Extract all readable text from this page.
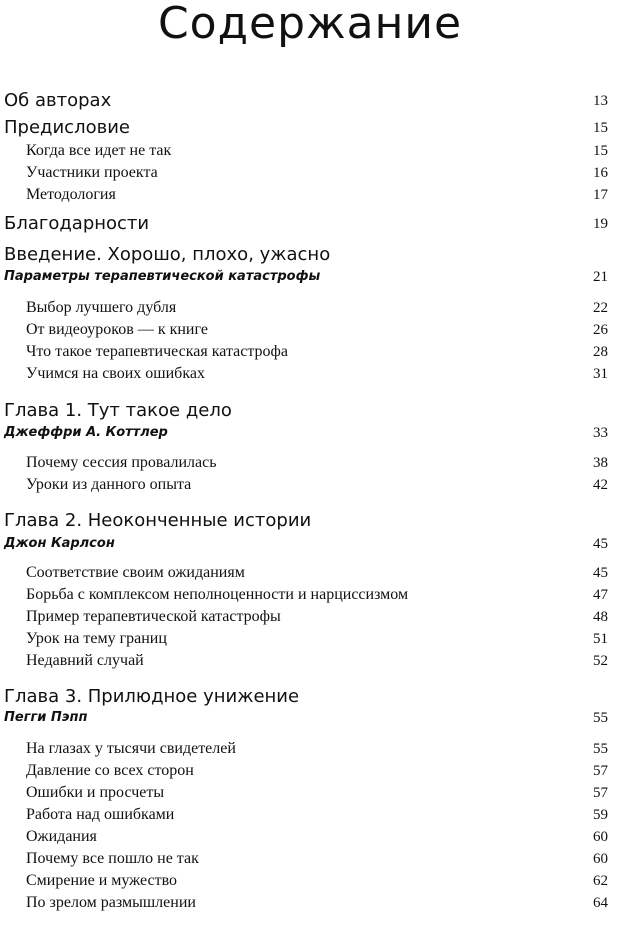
Содержание
Об авторах	13
Предисловие	15
Когда все идет не так	15
Участники проекта	16
Методология	17
Благодарности	19
Введение. Хорошо, плохо, ужасно
Параметры терапевтической катастрофы	21
Выбор лучшего дубля	22
От видеоуроков — к книге	26
Что такое терапевтическая катастрофа	28
Учимся на своих ошибках	31
Глава 1. Тут такое дело
Джеффри А. Коттлер	33
Почему сессия провалилась	38
Уроки из данного опыта	42
Глава 2. Неоконченные истории
Джон Карлсон	45
Соответствие своим ожиданиям	45
Борьба с комплексом неполноценности и нарциссизмом	47
Пример терапевтической катастрофы	48
Урок на тему границ	51
Недавний случай	52
Глава 3. Прилюдное унижение
Пегги Пэпп	55
На глазах у тысячи свидетелей	55
Давление со всех сторон	57
Ошибки и просчеты	57
Работа над ошибками	59
Ожидания	60
Почему все пошло не так	60
Смирение и мужество	62
По зрелом размышлении	64
